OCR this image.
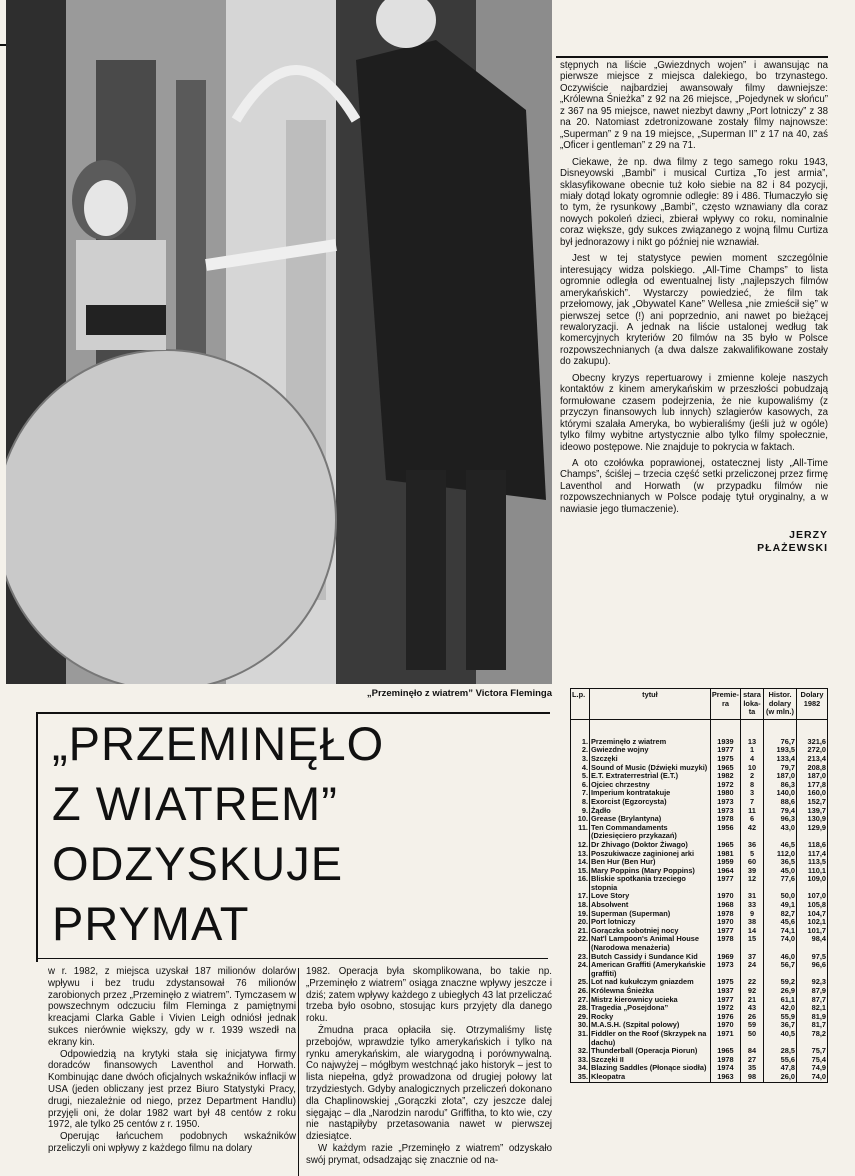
„Przeminęło z wiatrem” Victora Fleminga

stępnych na liście „Gwiezdnych wojen” i awansując na pierwsze miejsce z miejsca dalekiego, bo trzynastego. Oczywiście najbardziej awansowały filmy dawniejsze: „Królewna Śnieżka” z 92 na 26 miejsce, „Pojedynek w słońcu” z 367 na 95 miejsce, nawet niezbyt dawny „Port lotniczy” z 38 na 20. Natomiast zdetronizowane zostały filmy najnowsze: „Superman” z 9 na 19 miejsce, „Superman II” z 17 na 40, zaś „Oficer i gentleman” z 29 na 71.

Ciekawe, że np. dwa filmy z tego samego roku 1943, Disneyowski „Bambi” i musical Curtiza „To jest armia”, sklasyfikowane obecnie tuż koło siebie na 82 i 84 pozycji, miały dotąd lokaty ogromnie odległe: 89 i 486. Tłumaczyło się to tym, że rysunkowy „Bambi”, często wznawiany dla coraz nowych pokoleń dzieci, zbierał wpływy co roku, nominalnie coraz większe, gdy sukces związanego z wojną filmu Curtiza był jednorazowy i nikt go później nie wznawiał.

Jest w tej statystyce pewien moment szczególnie interesujący widza polskiego. „All-Time Champs” to lista ogromnie odległa od ewentualnej listy „najlepszych filmów amerykańskich”. Wystarczy powiedzieć, że film tak przełomowy, jak „Obywatel Kane” Wellesa „nie zmieścił się” w pierwszej setce (!) ani poprzednio, ani nawet po bieżącej rewaloryzacji. A jednak na liście ustalonej według tak komercyjnych kryteriów 20 filmów na 35 było w Polsce rozpowszechnianych (a dwa dalsze zakwalifikowane zostały do zakupu).

Obecny kryzys repertuarowy i zmienne koleje naszych kontaktów z kinem amerykańskim w przeszłości pobudzają formułowane czasem podejrzenia, że nie kupowaliśmy (z przyczyn finansowych lub innych) szlagierów kasowych, za którymi szalała Ameryka, bo wybieraliśmy (jeśli już w ogóle) tylko filmy wybitne artystycznie albo tylko filmy społecznie, ideowo postępowe. Nie znajduje to pokrycia w faktach.

A oto czołówka poprawionej, ostatecznej listy „All-Time Champs”, ściślej – trzecia część setki przeliczonej przez firmę Laventhol and Horwath (w przypadku filmów nie rozpowszechnianych w Polsce podaję tytuł oryginalny, a w nawiasie jego tłumaczenie).

JERZY
PŁAŻEWSKI
„PRZEMINĘŁO
Z WIATREM”
ODZYSKUJE
PRYMAT

w r. 1982, z miejsca uzyskał 187 milionów dolarów wpływu i bez trudu zdystansował 76 milionów zarobionych przez „Przeminęło z wiatrem”. Tymczasem w powszechnym odczuciu film Fleminga z pamiętnymi kreacjami Clarka Gable i Vivien Leigh odniósł jednak sukces nierównie większy, gdy w r. 1939 wszedł na ekrany kin.

Odpowiedzią na krytyki stała się inicjatywa firmy doradców finansowych Laventhol and Horwath. Kombinując dane dwóch oficjalnych wskaźników inflacji w USA (jeden obliczany jest przez Biuro Statystyki Pracy, drugi, niezależnie od niego, przez Department Handlu) przyjęli oni, że dolar 1982 wart był 48 centów z roku 1972, ale tylko 25 centów z r. 1950.

Operując łańcuchem podobnych wskaźników przeliczyli oni wpływy z każdego filmu na dolary

1982. Operacja była skomplikowana, bo takie np. „Przeminęło z wiatrem” osiąga znaczne wpływy jeszcze i dziś; zatem wpływy każdego z ubiegłych 43 lat przeliczać trzeba było osobno, stosując kurs przyjęty dla danego roku.

Żmudna praca opłaciła się. Otrzymaliśmy listę przebojów, wprawdzie tylko amerykańskich i tylko na rynku amerykańskim, ale wiarygodną i porównywalną. Co najwyżej – mógłbym westchnąć jako historyk – jest to lista niepełna, gdyż prowadzona od drugiej połowy lat trzydziestych. Gdyby analogicznych przeliczeń dokonano dla Chaplinowskiej „Gorączki złota”, czy jeszcze dalej sięgając – dla „Narodzin narodu” Griffitha, to kto wie, czy nie nastąpiłyby przetasowania nawet w pierwszej dziesiątce.

W każdym razie „Przeminęło z wiatrem” odzyskało swój prymat, odsadzając się znacznie od na-

L.p.	tytuł	Premie-ra	stara loka-ta	Histor. dolary (w mln.)	Dolary 1982
1.	Przeminęło z wiatrem	1939	13	76,7	321,6
2.	Gwiezdne wojny	1977	1	193,5	272,0
3.	Szczęki	1975	4	133,4	213,4
4.	Sound of Music (Dźwięki muzyki)	1965	10	79,7	208,8
5.	E.T. Extraterrestrial (E.T.)	1982	2	187,0	187,0
6.	Ojciec chrzestny	1972	8	86,3	177,8
7.	Imperium kontratakuje	1980	3	140,0	160,0
8.	Exorcist (Egzorcysta)	1973	7	88,6	152,7
9.	Żądło	1973	11	79,4	139,7
10.	Grease (Brylantyna)	1978	6	96,3	130,9
11.	Ten Commandaments (Dziesięciero przykazań)	1956	42	43,0	129,9
12.	Dr Zhivago (Doktor Żiwago)	1965	36	46,5	118,6
13.	Poszukiwacze zaginionej arki	1981	5	112,0	117,4
14.	Ben Hur (Ben Hur)	1959	60	36,5	113,5
15.	Mary Poppins (Mary Poppins)	1964	39	45,0	110,1
16.	Bliskie spotkania trzeciego stopnia	1977	12	77,6	109,0
17.	Love Story	1970	31	50,0	107,0
18.	Absolwent	1968	33	49,1	105,8
19.	Superman (Superman)	1978	9	82,7	104,7
20.	Port lotniczy	1970	38	45,6	102,1
21.	Gorączka sobotniej nocy	1977	14	74,1	101,7
22.	Nat'l Lampoon's Animal House (Narodowa menażeria)	1978	15	74,0	98,4
23.	Butch Cassidy i Sundance Kid	1969	37	46,0	97,5
24.	American Graffiti (Amerykańskie graffiti)	1973	24	56,7	96,6
25.	Lot nad kukułczym gniazdem	1975	22	59,2	92,3
26.	Królewna Śnieżka	1937	92	26,9	87,9
27.	Mistrz kierownicy ucieka	1977	21	61,1	87,7
28.	Tragedia „Posejdona”	1972	43	42,0	82,1
29.	Rocky	1976	26	55,9	81,9
30.	M.A.S.H. (Szpital polowy)	1970	59	36,7	81,7
31.	Fiddler on the Roof (Skrzypek na dachu)	1971	50	40,5	78,2
32.	Thunderball (Operacja Piorun)	1965	84	28,5	75,7
33.	Szczęki II	1978	27	55,6	75,4
34.	Blazing Saddles (Płonące siodła)	1974	35	47,8	74,9
35.	Kleopatra	1963	98	26,0	74,0
